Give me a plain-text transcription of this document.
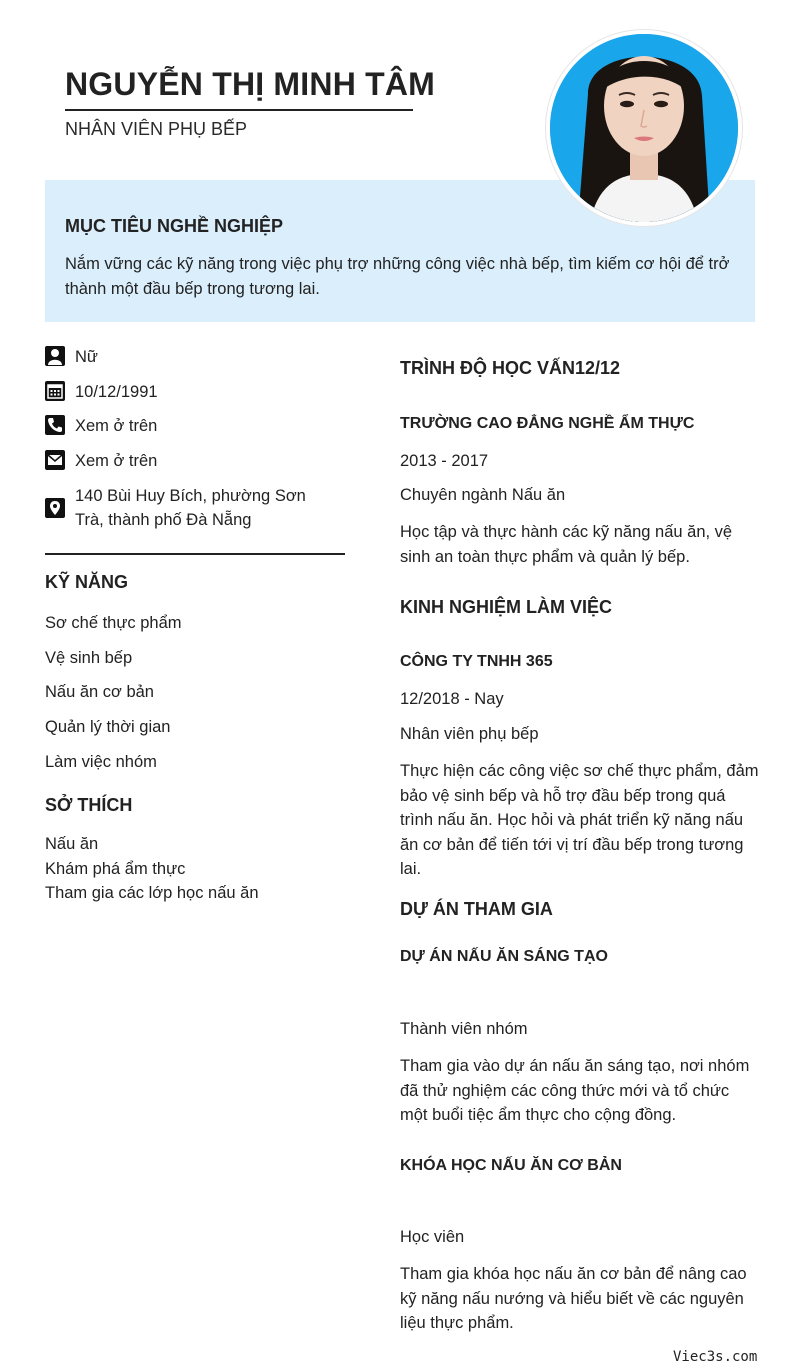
NGUYỄN THỊ MINH TÂM
NHÂN VIÊN PHỤ BẾP
MỤC TIÊU NGHỀ NGHIỆP
Nắm vững các kỹ năng trong việc phụ trợ những công việc nhà bếp, tìm kiếm cơ hội để trở thành một đầu bếp trong tương lai.
Nữ
10/12/1991
Xem ở trên
Xem ở trên
140 Bùi Huy Bích, phường Sơn Trà, thành phố Đà Nẵng
KỸ NĂNG
Sơ chế thực phẩm
Vệ sinh bếp
Nấu ăn cơ bản
Quản lý thời gian
Làm việc nhóm
SỞ THÍCH
Nấu ăn
Khám phá ẩm thực
Tham gia các lớp học nấu ăn
TRÌNH ĐỘ HỌC VẤN12/12
TRƯỜNG CAO ĐẲNG NGHỀ ẨM THỰC
2013 - 2017
Chuyên ngành Nấu ăn
Học tập và thực hành các kỹ năng nấu ăn, vệ sinh an toàn thực phẩm và quản lý bếp.
KINH NGHIỆM LÀM VIỆC
CÔNG TY TNHH 365
12/2018 - Nay
Nhân viên phụ bếp
Thực hiện các công việc sơ chế thực phẩm, đảm bảo vệ sinh bếp và hỗ trợ đầu bếp trong quá trình nấu ăn. Học hỏi và phát triển kỹ năng nấu ăn cơ bản để tiến tới vị trí đầu bếp trong tương lai.
DỰ ÁN THAM GIA
DỰ ÁN NẤU ĂN SÁNG TẠO
Thành viên nhóm
Tham gia vào dự án nấu ăn sáng tạo, nơi nhóm đã thử nghiệm các công thức mới và tổ chức một buổi tiệc ẩm thực cho cộng đồng.
KHÓA HỌC NẤU ĂN CƠ BẢN
Học viên
Tham gia khóa học nấu ăn cơ bản để nâng cao kỹ năng nấu nướng và hiểu biết về các nguyên liệu thực phẩm.
Viec3s.com
